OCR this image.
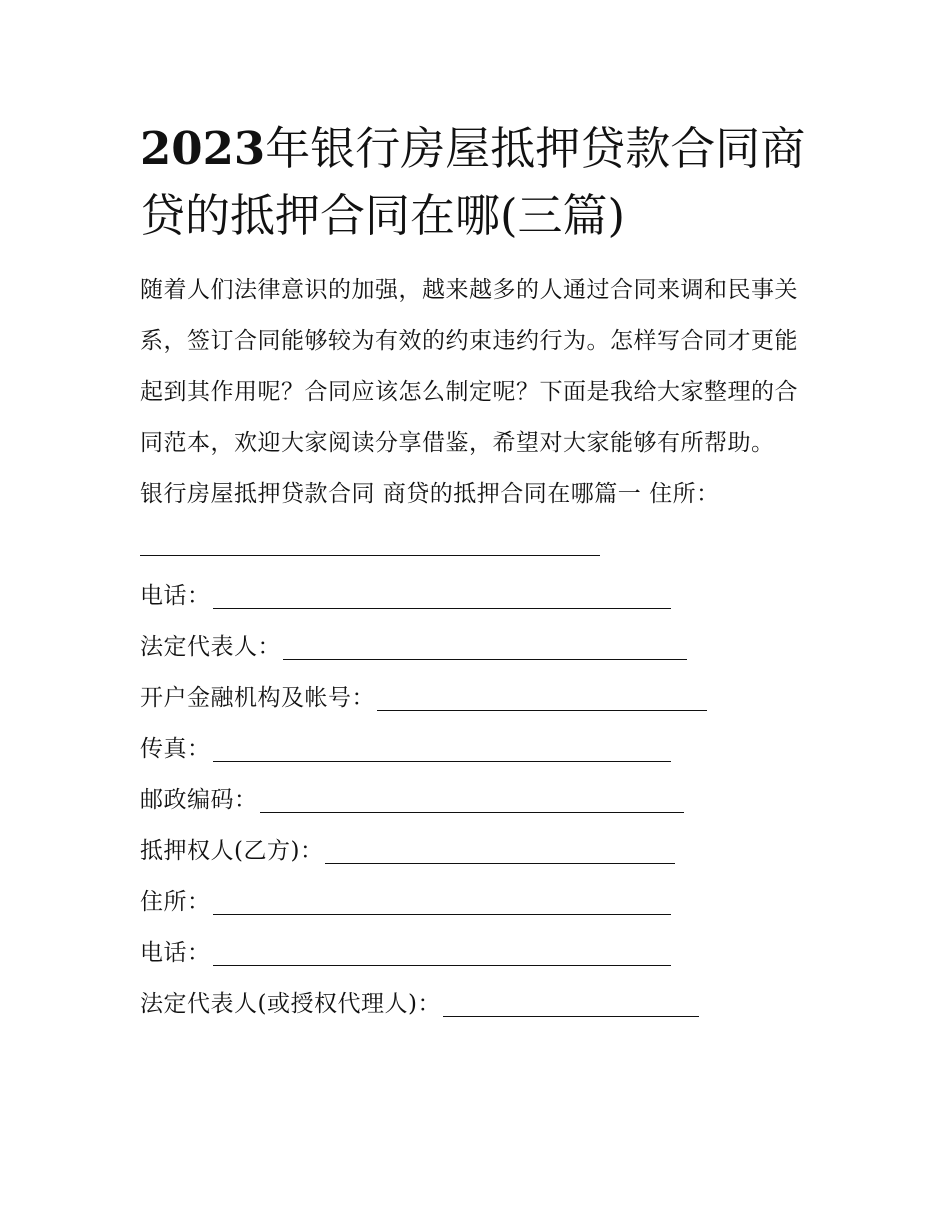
2023年银行房屋抵押贷款合同商贷的抵押合同在哪(三篇)

随着人们法律意识的加强，越来越多的人通过合同来调和民事关系，签订合同能够较为有效的约束违约行为。怎样写合同才更能起到其作用呢？合同应该怎么制定呢？下面是我给大家整理的合同范本，欢迎大家阅读分享借鉴，希望对大家能够有所帮助。

银行房屋抵押贷款合同 商贷的抵押合同在哪篇一 住所：

电话：
法定代表人：
开户金融机构及帐号：
传真：
邮政编码：
抵押权人(乙方)：
住所：
电话：
法定代表人(或授权代理人)：
